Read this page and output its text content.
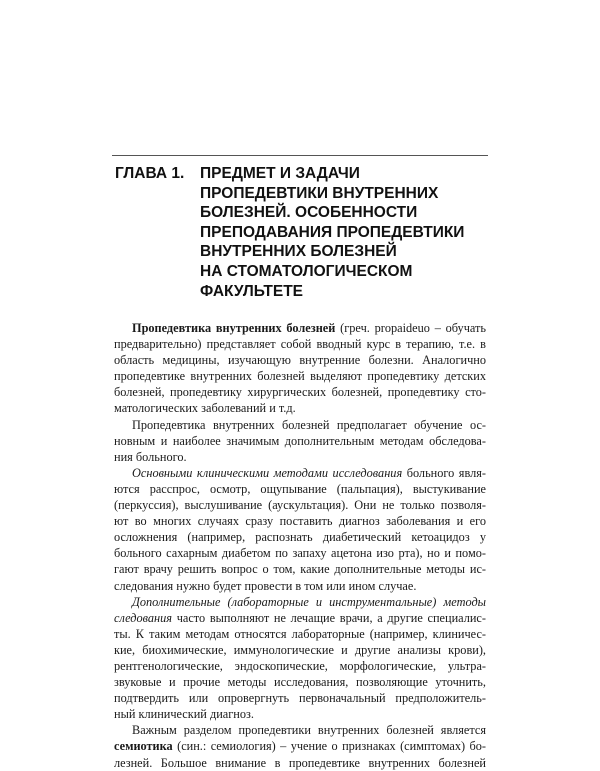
ГЛАВА 1. ПРЕДМЕТ И ЗАДАЧИ
ПРОПЕДЕВТИКИ ВНУТРЕННИХ
БОЛЕЗНЕЙ. ОСОБЕННОСТИ
ПРЕПОДАВАНИЯ ПРОПЕДЕВТИКИ
ВНУТРЕННИХ БОЛЕЗНЕЙ
НА СТОМАТОЛОГИЧЕСКОМ
ФАКУЛЬТЕТЕ
Пропедевтика внутренних болезней (греч. propaideuo – обучать
предварительно) представляет собой вводный курс в терапию, т.е. в
область медицины, изучающую внутренние болезни. Аналогично
пропедевтике внутренних болезней выделяют пропедевтику детских
болезней, пропедевтику хирургических болезней, пропедевтику сто-
матологических заболеваний и т.д.
Пропедевтика внутренних болезней предполагает обучение ос-
новным и наиболее значимым дополнительным методам обследова-
ния больного.
Основными клиническими методами исследования больного явля-
ются расспрос, осмотр, ощупывание (пальпация), выстукивание
(перкуссия), выслушивание (аускультация). Они не только позволя-
ют во многих случаях сразу поставить диагноз заболевания и его
осложнения (например, распознать диабетический кетоацидоз у
больного сахарным диабетом по запаху ацетона изо рта), но и помо-
гают врачу решить вопрос о том, какие дополнительные методы ис-
следования нужно будет провести в том или ином случае.
Дополнительные (лабораторные и инструментальные) методы
следования часто выполняют не лечащие врачи, а другие специалис-
ты. К таким методам относятся лабораторные (например, клиничес-
кие, биохимические, иммунологические и другие анализы крови),
рентгенологические, эндоскопические, морфологические, ультра-
звуковые и прочие методы исследования, позволяющие уточнить,
подтвердить или опровергнуть первоначальный предположитель-
ный клинический диагноз.
Важным разделом пропедевтики внутренних болезней является
семиотика (син.: семиология) – учение о признаках (симптомах) бо-
лезней. Большое внимание в пропедевтике внутренних болезней
